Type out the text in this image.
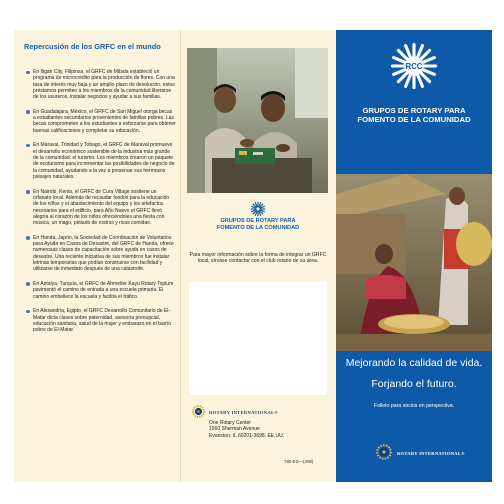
Repercusión de los GRFC en el mundo
En Iligan City, Filipinas, el GRFC de Mibala estableció un programa de microcrédito para la producción de flores. Con una tasa de interés muy baja y un amplio plazo de devolución, estos préstamos permiten a los miembros de la comunidad liberarse de los usureros, instalar negocios y ayudar a sus familias.
En Guadalajara, México, el GRFC de San Miguel otorga becas a estudiantes secundarios provenientes de familias pobres. Las becas comprometen a los estudiantes a esforzarse para obtener buenas calificaciones y completar su educación.
En Maraval, Trinidad y Tobago, el GRFC de Maraval promueve el desarrollo económico sostenible de la industria más grande de la comunidad: el turismo. Los miembros crearon un paquete de ecoturismo para incrementar las posibilidades de negocio de la comunidad, ayudando a la vez a preservar sus hermosos paisajes naturales.
En Nairobi, Kenia, el GRFC de Cura Village sostiene un orfanato local. Además de recaudar fondos para la educación de los niños y el abastecimiento del equipo y los artefactos necesarios para el edificio, para Año Nuevo el GRFC llevó alegría al corazón de los niños ofreciéndoles una fiesta con música, un mago, pintado de rostros y ricas comidas.
En Handa, Japón, la Sociedad de Coordinación de Voluntarios para Ayuda en Casos de Desastre, del GRFC de Handa, ofrece numerosas clases de capacitación sobre ayuda en casos de desastre. Una reciente iniciativa de sus miembros fue instalar letrinas temporarias que podían construirse con facilidad y utilizarse de inmediato después de una catástrofe.
En Antalya, Turquía, el GRFC de Ahmetler Kayu Rotary Toplum pavimentó el camino de entrada a una escuela primaria. El camino embellece la escuela y facilita el tráfico.
En Alexandria, Egipto, el GRFC Desarrollo Comunitario de El-Matar dicta clases sobre paternidad, asesoría prenupcial, educación sanitaria, salud de la mujer y embarazo en el barrio pobre de El-Matar.
GRUPOS DE ROTARY PARA
FOMENTO DE LA COMUNIDAD
Para mayor información sobre la forma de integrar un GRFC local, sírvase contactar con el club rotario de su área.
ROTARY INTERNATIONAL®
One Rotary Center
1560 Sherman Avenue
Evanston, IL 60201-3698, EE.UU.
780-ES—(208)
RCC
GRUPOS DE ROTARY PARA
FOMENTO DE LA COMUNIDAD
Mejorando la calidad de vida.
Forjando el futuro.
Folleto para socios en perspectiva.
ROTARY INTERNATIONAL®
